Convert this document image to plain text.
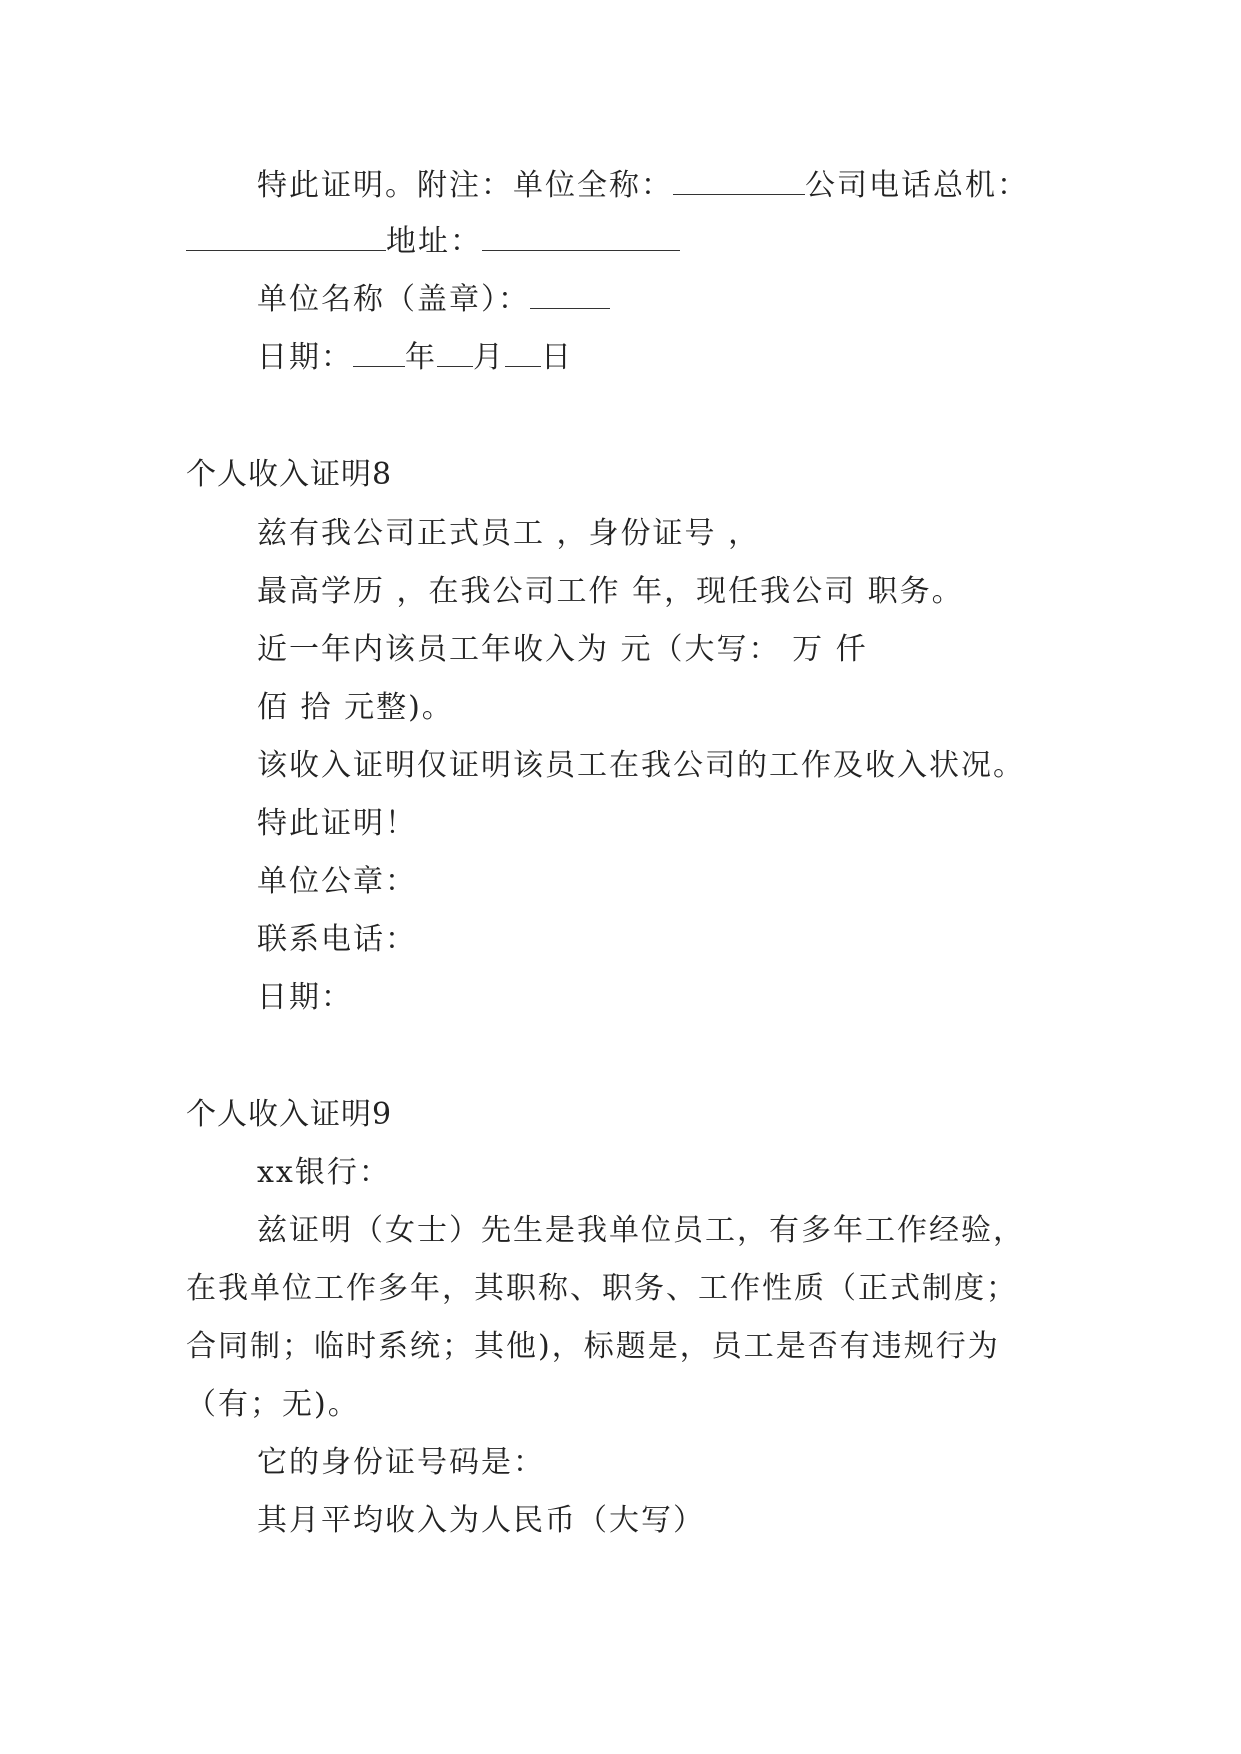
特此证明。附注：单位全称：	公司电话总机：
地址：
单位名称（盖章）：
日期： 年 月 日
个人收入证明8
兹有我公司正式员工 ，身份证号 ，
最高学历 ，在我公司工作 年，现任我公司 职务。
近一年内该员工年收入为 元（大写： 万 仟
佰 拾 元整)。
该收入证明仅证明该员工在我公司的工作及收入状况。
特此证明！
单位公章：
联系电话：
日期：
个人收入证明9
xx银行：
兹证明（女士）先生是我单位员工，有多年工作经验，
在我单位工作多年，其职称、职务、工作性质（正式制度；
合同制；临时系统；其他)，标题是，员工是否有违规行为
（有；无)。
它的身份证号码是：
其月平均收入为人民币（大写）
